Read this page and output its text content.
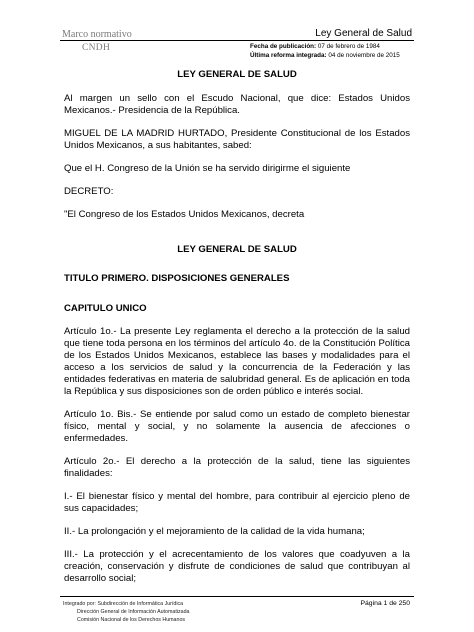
Marco normativo
CNDH
Ley General de Salud
Fecha de publicación: 07 de febrero de 1984
Última reforma integrada: 04 de noviembre de 2015

LEY GENERAL DE SALUD

Al margen un sello con el Escudo Nacional, que dice: Estados Unidos Mexicanos.- Presidencia de la República.

MIGUEL DE LA MADRID HURTADO, Presidente Constitucional de los Estados Unidos Mexicanos, a sus habitantes, sabed:

Que el H. Congreso de la Unión se ha servido dirigirme el siguiente

DECRETO:

"El Congreso de los Estados Unidos Mexicanos, decreta

LEY GENERAL DE SALUD

TITULO PRIMERO. DISPOSICIONES GENERALES

CAPITULO UNICO

Artículo 1o.- La presente Ley reglamenta el derecho a la protección de la salud que tiene toda persona en los términos del artículo 4o. de la Constitución Política de los Estados Unidos Mexicanos, establece las bases y modalidades para el acceso a los servicios de salud y la concurrencia de la Federación y las entidades federativas en materia de salubridad general. Es de aplicación en toda la República y sus disposiciones son de orden público e interés social.

Artículo 1o. Bis.- Se entiende por salud como un estado de completo bienestar físico, mental y social, y no solamente la ausencia de afecciones o enfermedades.

Artículo 2o.- El derecho a la protección de la salud, tiene las siguientes finalidades:

I.- El bienestar físico y mental del hombre, para contribuir al ejercicio pleno de sus capacidades;

II.- La prolongación y el mejoramiento de la calidad de la vida humana;

III.- La protección y el acrecentamiento de los valores que coadyuven a la creación, conservación y disfrute de condiciones de salud que contribuyan al desarrollo social;

Integrado por: Subdirección de Informática Jurídica
Dirección General de Información Automatizada
Comisión Nacional de los Derechos Humanos
Página 1 de 250
